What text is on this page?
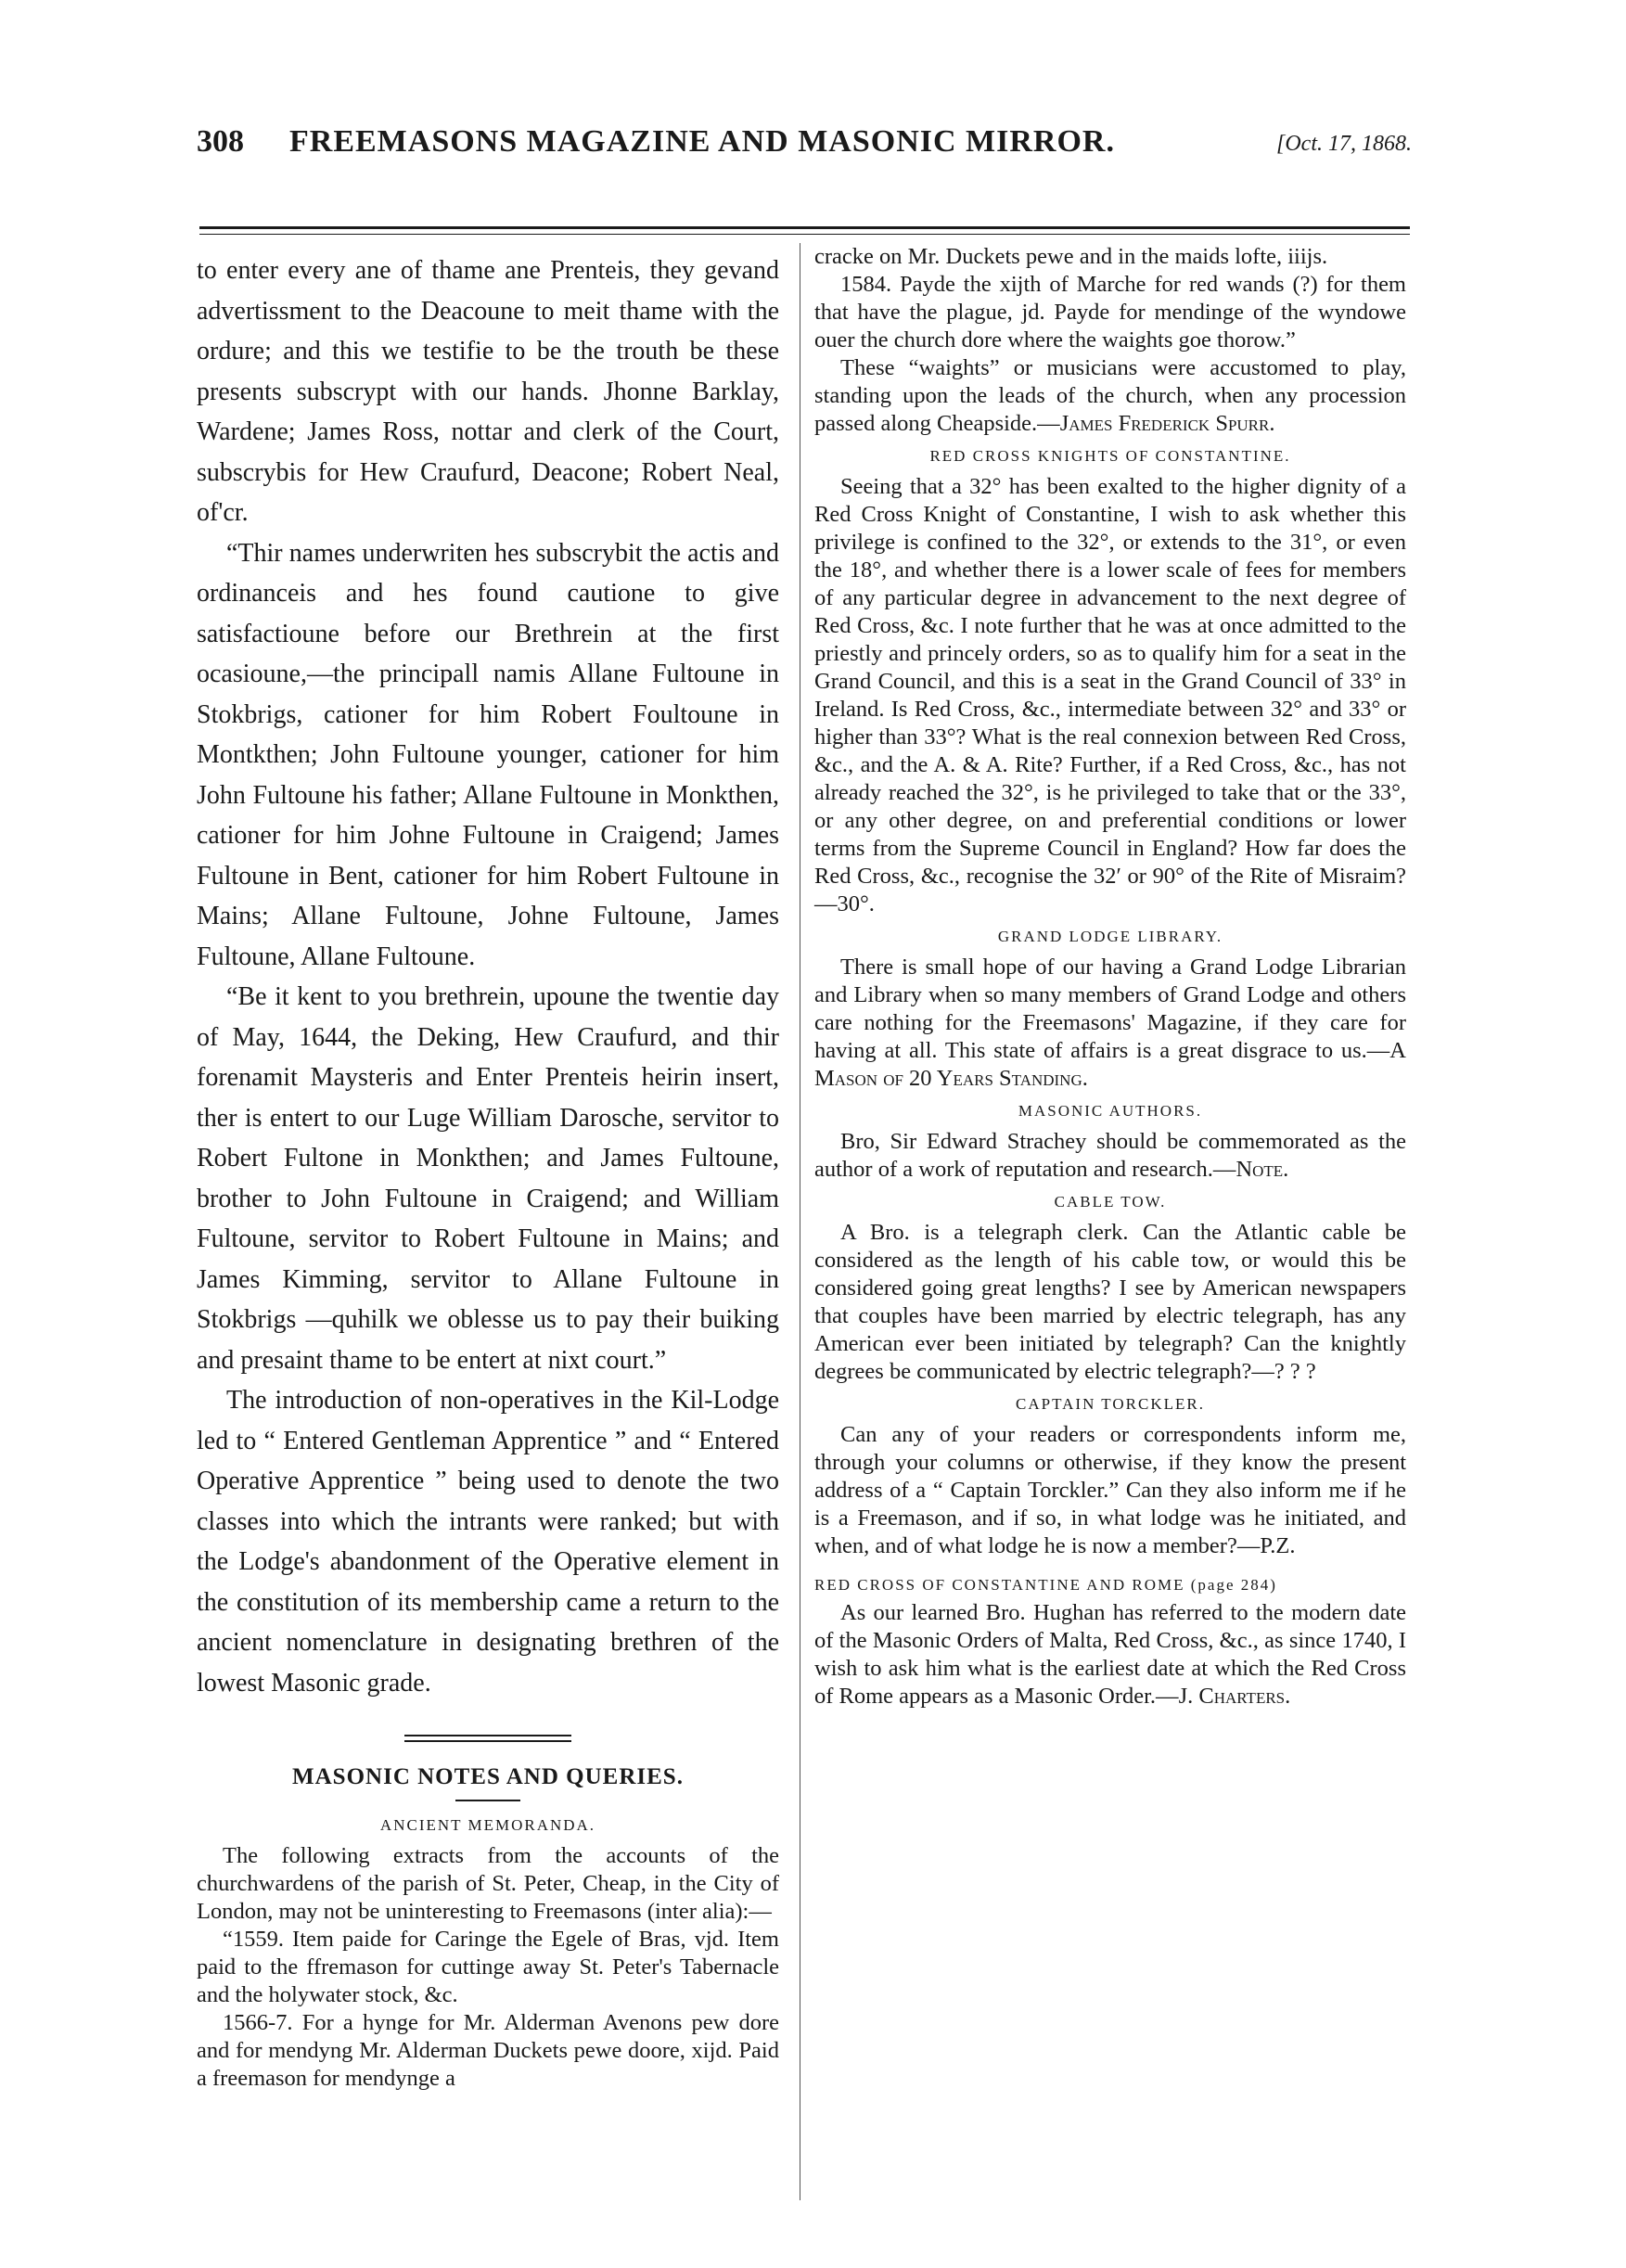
308 FREEMASONS MAGAZINE AND MASONIC MIRROR.	[Oct. 17, 1868.

to enter every ane of thame ane Prenteis, they gevand advertissment to the Deacoune to meit thame with the ordure; and this we testifie to be the trouth be these presents subscrypt with our hands. Jhonne Barklay, Wardene; James Ross, nottar and clerk of the Court, subscrybis for Hew Craufurd, Deacone; Robert Neal, of'cr.

“Thir names underwriten hes subscrybit the actis and ordinanceis and hes found cautione to give satisfactioune before our Brethrein at the first ocasioune,—the principall namis Allane Fultoune in Stokbrigs, cationer for him Robert Foultoune in Montkthen; John Fultoune younger, cationer for him John Fultoune his father; Allane Fultoune in Monkthen, cationer for him Johne Fultoune in Craigend; James Fultoune in Bent, cationer for him Robert Fultoune in Mains; Allane Fultoune, Johne Fultoune, James Fultoune, Allane Fultoune.

“Be it kent to you brethrein, upoune the twentie day of May, 1644, the Deking, Hew Craufurd, and thir forenamit Maysteris and Enter Prenteis heirin insert, ther is entert to our Luge William Darosche, servitor to Robert Fultone in Monkthen; and James Fultoune, brother to John Fultoune in Craigend; and William Fultoune, servitor to Robert Fultoune in Mains; and James Kimming, servitor to Allane Fultoune in Stokbrigs —quhilk we oblesse us to pay their buiking and presaint thame to be entert at nixt court.”

The introduction of non-operatives in the Kil-Lodge led to “ Entered Gentleman Apprentice ” and “ Entered Operative Apprentice ” being used to denote the two classes into which the intrants were ranked; but with the Lodge's abandonment of the Operative element in the constitution of its membership came a return to the ancient nomenclature in designating brethren of the lowest Masonic grade.

MASONIC NOTES AND QUERIES.

ANCIENT MEMORANDA.

The following extracts from the accounts of the churchwardens of the parish of St. Peter, Cheap, in the City of London, may not be uninteresting to Freemasons (inter alia):—

“1559. Item paide for Caringe the Egele of Bras, vjd. Item paid to the ffremason for cuttinge away St. Peter's Tabernacle and the holywater stock, &c.

1566-7. For a hynge for Mr. Alderman Avenons pew dore and for mendyng Mr. Alderman Duckets pewe doore, xijd. Paid a freemason for mendynge a

cracke on Mr. Duckets pewe and in the maids lofte, iiijs.

1584. Payde the xijth of Marche for red wands (?) for them that have the plague, jd. Payde for mendinge of the wyndowe ouer the church dore where the waights goe thorow.”

These “waights” or musicians were accustomed to play, standing upon the leads of the church, when any procession passed along Cheapside.—James Frederick Spurr.

RED CROSS KNIGHTS OF CONSTANTINE.

Seeing that a 32° has been exalted to the higher dignity of a Red Cross Knight of Constantine, I wish to ask whether this privilege is confined to the 32°, or extends to the 31°, or even the 18°, and whether there is a lower scale of fees for members of any particular degree in advancement to the next degree of Red Cross, &c. I note further that he was at once admitted to the priestly and princely orders, so as to qualify him for a seat in the Grand Council, and this is a seat in the Grand Council of 33° in Ireland. Is Red Cross, &c., intermediate between 32° and 33° or higher than 33°? What is the real connexion between Red Cross, &c., and the A. & A. Rite? Further, if a Red Cross, &c., has not already reached the 32°, is he privileged to take that or the 33°, or any other degree, on and preferential conditions or lower terms from the Supreme Council in England? How far does the Red Cross, &c., recognise the 32′ or 90° of the Rite of Misraim?—30°.

GRAND LODGE LIBRARY.

There is small hope of our having a Grand Lodge Librarian and Library when so many members of Grand Lodge and others care nothing for the Freemasons' Magazine, if they care for having at all. This state of affairs is a great disgrace to us.—A Mason of 20 Years Standing.

MASONIC AUTHORS.

Bro, Sir Edward Strachey should be commemorated as the author of a work of reputation and research.—Note.

CABLE TOW.

A Bro. is a telegraph clerk. Can the Atlantic cable be considered as the length of his cable tow, or would this be considered going great lengths? I see by American newspapers that couples have been married by electric telegraph, has any American ever been initiated by telegraph? Can the knightly degrees be communicated by electric telegraph?—? ? ?

CAPTAIN TORCKLER.

Can any of your readers or correspondents inform me, through your columns or otherwise, if they know the present address of a “ Captain Torckler.” Can they also inform me if he is a Freemason, and if so, in what lodge was he initiated, and when, and of what lodge he is now a member?—P.Z.

RED CROSS OF CONSTANTINE AND ROME (page 284)

As our learned Bro. Hughan has referred to the modern date of the Masonic Orders of Malta, Red Cross, &c., as since 1740, I wish to ask him what is the earliest date at which the Red Cross of Rome appears as a Masonic Order.—J. Charters.
